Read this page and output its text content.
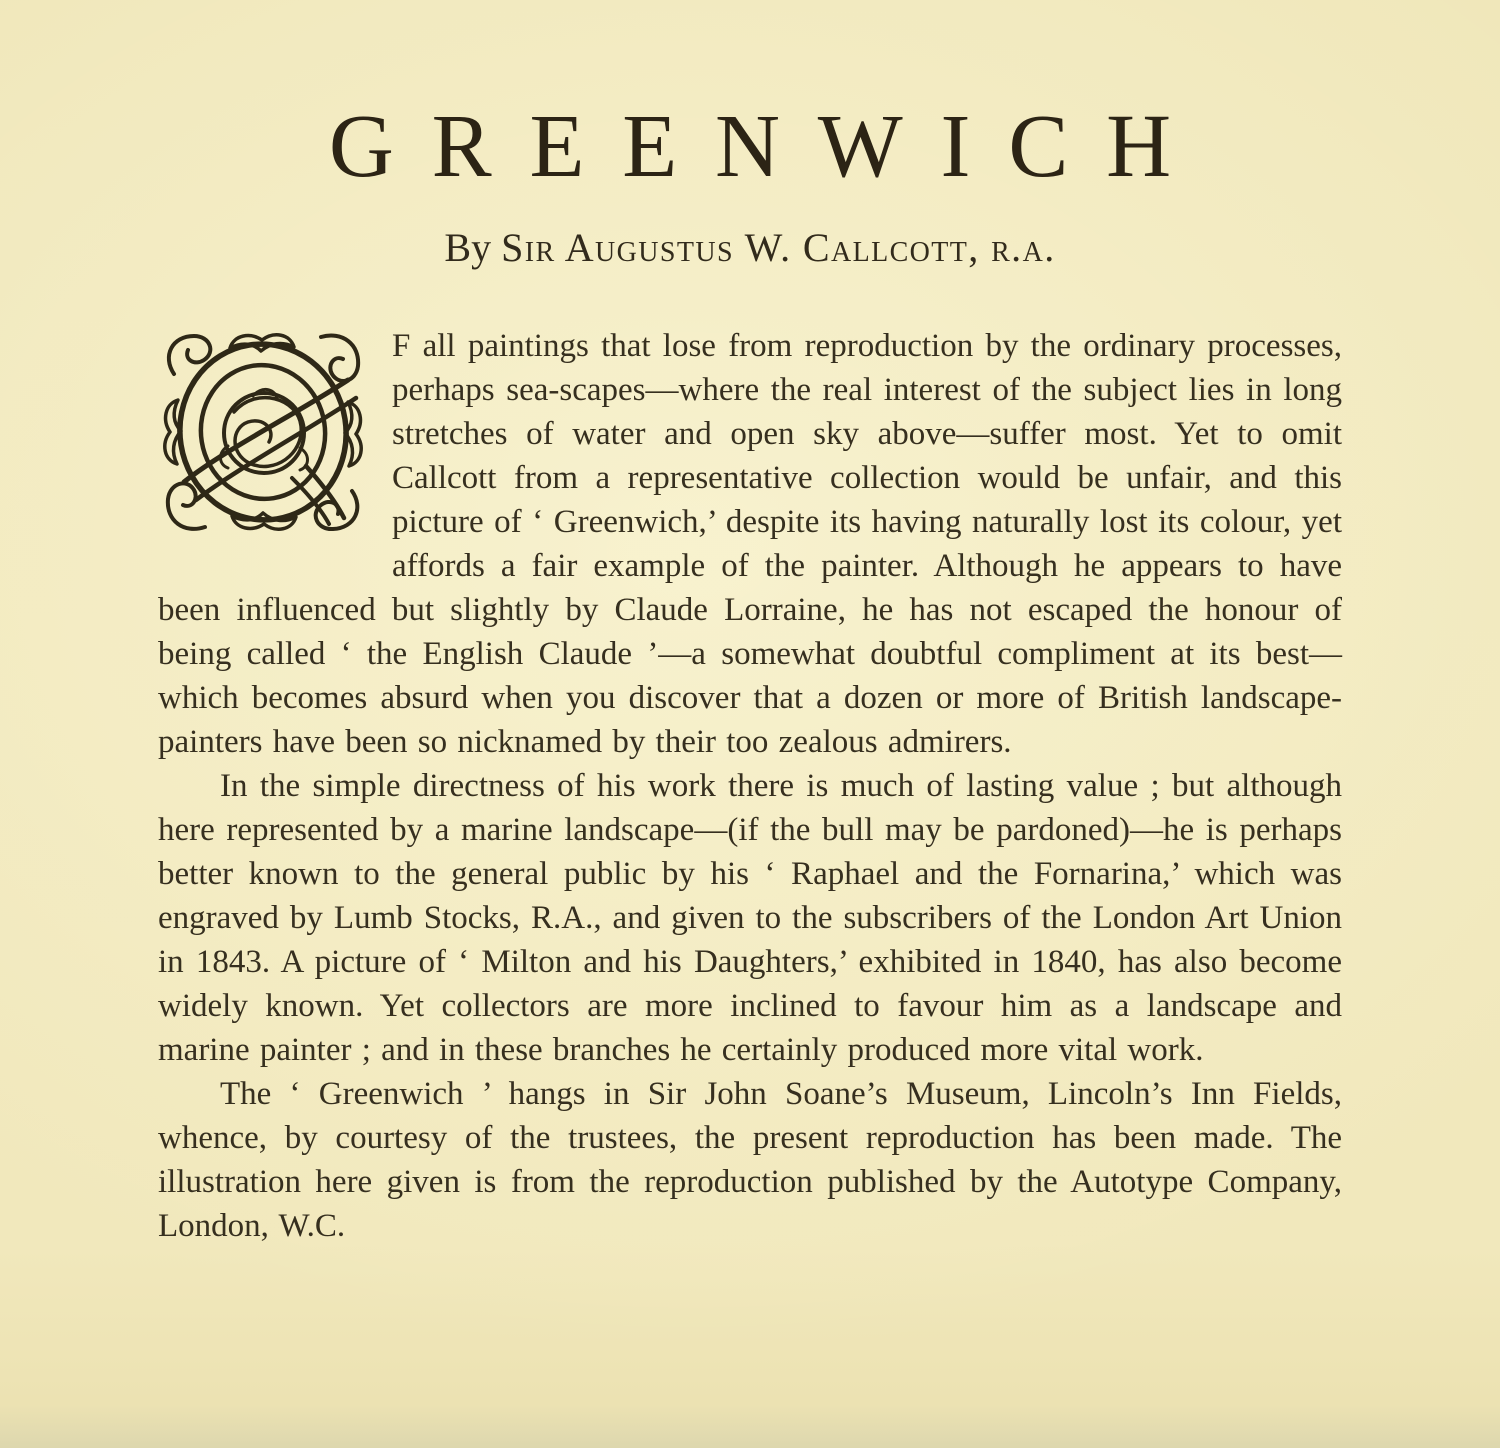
GREENWICH

By Sir Augustus W. Callcott, r.a.

F all paintings that lose from reproduction by the ordinary processes, perhaps sea-scapes—where the real interest of the subject lies in long stretches of water and open sky above—suffer most. Yet to omit Callcott from a representative collection would be unfair, and this picture of ‘ Greenwich,’ despite its having naturally lost its colour, yet affords a fair example of the painter. Although he appears to have been influenced but slightly by Claude Lorraine, he has not escaped the honour of being called ‘ the English Claude ’—a somewhat doubtful compliment at its best—which becomes absurd when you discover that a dozen or more of British landscape-painters have been so nicknamed by their too zealous admirers.

In the simple directness of his work there is much of lasting value ; but although here represented by a marine landscape—(if the bull may be pardoned)—he is perhaps better known to the general public by his ‘ Raphael and the Fornarina,’ which was engraved by Lumb Stocks, R.A., and given to the subscribers of the London Art Union in 1843. A picture of ‘ Milton and his Daughters,’ exhibited in 1840, has also become widely known. Yet collectors are more inclined to favour him as a landscape and marine painter ; and in these branches he certainly produced more vital work.

The ‘ Greenwich ’ hangs in Sir John Soane’s Museum, Lincoln’s Inn Fields, whence, by courtesy of the trustees, the present reproduction has been made. The illustration here given is from the reproduction published by the Autotype Company, London, W.C.
